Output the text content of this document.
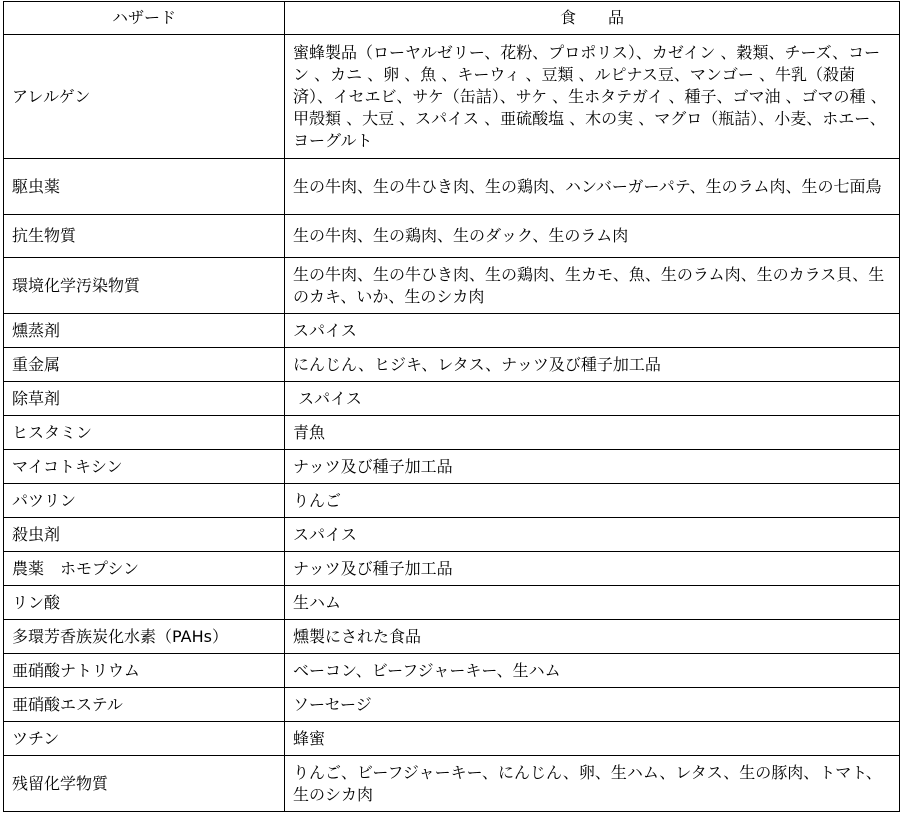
ハザード	食　　品
アレルゲン	蜜蜂製品（ローヤルゼリー、花粉、プロポリス）、カゼイン 、穀類、チーズ、コーン 、カニ 、卵 、魚 、キーウィ 、豆類 、ルピナス豆、マンゴー 、牛乳（殺菌済）、イセエビ、サケ（缶詰）、サケ 、生ホタテガイ 、種子、ゴマ油 、ゴマの種 、甲殻類 、大豆 、スパイス 、亜硫酸塩 、木の実 、マグロ（瓶詰）、小麦、ホエー、ヨーグルト
駆虫薬	生の牛肉、生の牛ひき肉、生の鶏肉、ハンバーガーパテ、生のラム肉、生の七面鳥
抗生物質	生の牛肉、生の鶏肉、生のダック、生のラム肉
環境化学汚染物質	生の牛肉、生の牛ひき肉、生の鶏肉、生カモ、魚、生のラム肉、生のカラス貝、生のカキ、いか、生のシカ肉
燻蒸剤	スパイス
重金属	にんじん、ヒジキ、レタス、ナッツ及び種子加工品
除草剤	スパイス
ヒスタミン	青魚
マイコトキシン	ナッツ及び種子加工品
パツリン	りんご
殺虫剤	スパイス
農薬　ホモプシン	ナッツ及び種子加工品
リン酸	生ハム
多環芳香族炭化水素（PAHs）	燻製にされた食品
亜硝酸ナトリウム	ベーコン、ビーフジャーキー、生ハム
亜硝酸エステル	ソーセージ
ツチン	蜂蜜
残留化学物質	りんご、ビーフジャーキー、にんじん、卵、生ハム、レタス、生の豚肉、トマト、生のシカ肉
